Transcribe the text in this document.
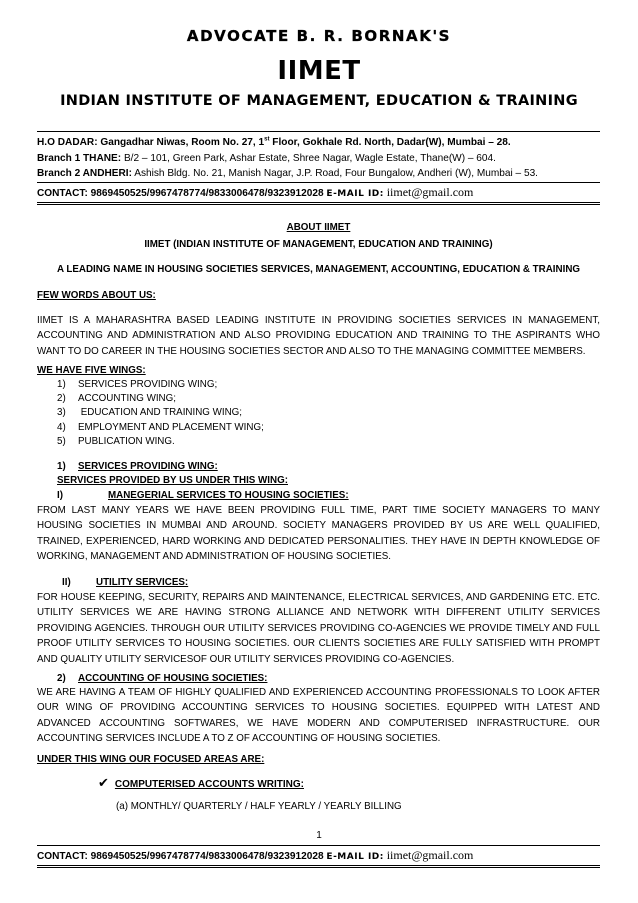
ADVOCATE B. R. BORNAK'S
IIMET
INDIAN INSTITUTE OF MANAGEMENT, EDUCATION & TRAINING
H.O DADAR: Gangadhar Niwas, Room No. 27, 1st Floor, Gokhale Rd. North, Dadar(W), Mumbai – 28.
Branch 1 THANE: B/2 – 101, Green Park, Ashar Estate, Shree Nagar, Wagle Estate, Thane(W) – 604.
Branch 2 ANDHERI: Ashish Bldg. No. 21, Manish Nagar, J.P. Road, Four Bungalow, Andheri (W), Mumbai – 53.
CONTACT: 9869450525/9967478774/9833006478/9323912028 E-MAIL ID: iimet@gmail.com
ABOUT IIMET
IIMET (INDIAN INSTITUTE OF MANAGEMENT, EDUCATION AND TRAINING)
A LEADING NAME IN HOUSING SOCIETIES SERVICES, MANAGEMENT, ACCOUNTING, EDUCATION & TRAINING
FEW WORDS ABOUT US:
IIMET IS A MAHARASHTRA BASED LEADING INSTITUTE IN PROVIDING SOCIETIES SERVICES IN MANAGEMENT, ACCOUNTING AND ADMINISTRATION AND ALSO PROVIDING EDUCATION AND TRAINING TO THE ASPIRANTS WHO WANT TO DO CAREER IN THE HOUSING SOCIETIES SECTOR AND ALSO TO THE MANAGING COMMITTEE MEMBERS.
WE HAVE FIVE WINGS:
1) SERVICES PROVIDING WING;
2) ACCOUNTING WING;
3) EDUCATION AND TRAINING WING;
4) EMPLOYMENT AND PLACEMENT WING;
5) PUBLICATION WING.
1) SERVICES PROVIDING WING:
SERVICES PROVIDED BY US UNDER THIS WING:
I)	MANEGERIAL SERVICES TO HOUSING SOCIETIES:
FROM LAST MANY YEARS WE HAVE BEEN PROVIDING FULL TIME, PART TIME SOCIETY MANAGERS TO MANY HOUSING SOCIETIES IN MUMBAI AND AROUND. SOCIETY MANAGERS PROVIDED BY US ARE WELL QUALIFIED, TRAINED, EXPERIENCED, HARD WORKING AND DEDICATED PERSONALITIES. THEY HAVE IN DEPTH KNOWLEDGE OF WORKING, MANAGEMENT AND ADMINISTRATION OF HOUSING SOCIETIES.
II)	UTILITY SERVICES:
FOR HOUSE KEEPING, SECURITY, REPAIRS AND MAINTENANCE, ELECTRICAL SERVICES, AND GARDENING ETC. ETC. UTILITY SERVICES WE ARE HAVING STRONG ALLIANCE AND NETWORK WITH DIFFERENT UTILITY SERVICES PROVIDING AGENCIES. THROUGH OUR UTILITY SERVICES PROVIDING CO-AGENCIES WE PROVIDE TIMELY AND FULL PROOF UTILITY SERVICES TO HOUSING SOCIETIES. OUR CLIENTS SOCIETIES ARE FULLY SATISFIED WITH PROMPT AND QUALITY UTILITY SERVICESOF OUR UTILITY SERVICES PROVIDING CO-AGENCIES.
2) ACCOUNTING OF HOUSING SOCIETIES:
WE ARE HAVING A TEAM OF HIGHLY QUALIFIED AND EXPERIENCED ACCOUNTING PROFESSIONALS TO LOOK AFTER OUR WING OF PROVIDING ACCOUNTING SERVICES TO HOUSING SOCIETIES. EQUIPPED WITH LATEST AND ADVANCED ACCOUNTING SOFTWARES, WE HAVE MODERN AND COMPUTERISED INFRASTRUCTURE. OUR ACCOUNTING SERVICES INCLUDE A TO Z OF ACCOUNTING OF HOUSING SOCIETIES.
UNDER THIS WING OUR FOCUSED AREAS ARE:
✔ COMPUTERISED ACCOUNTS WRITING:
(a) MONTHLY/ QUARTERLY / HALF YEARLY / YEARLY BILLING
1
CONTACT: 9869450525/9967478774/9833006478/9323912028 E-MAIL ID: iimet@gmail.com
